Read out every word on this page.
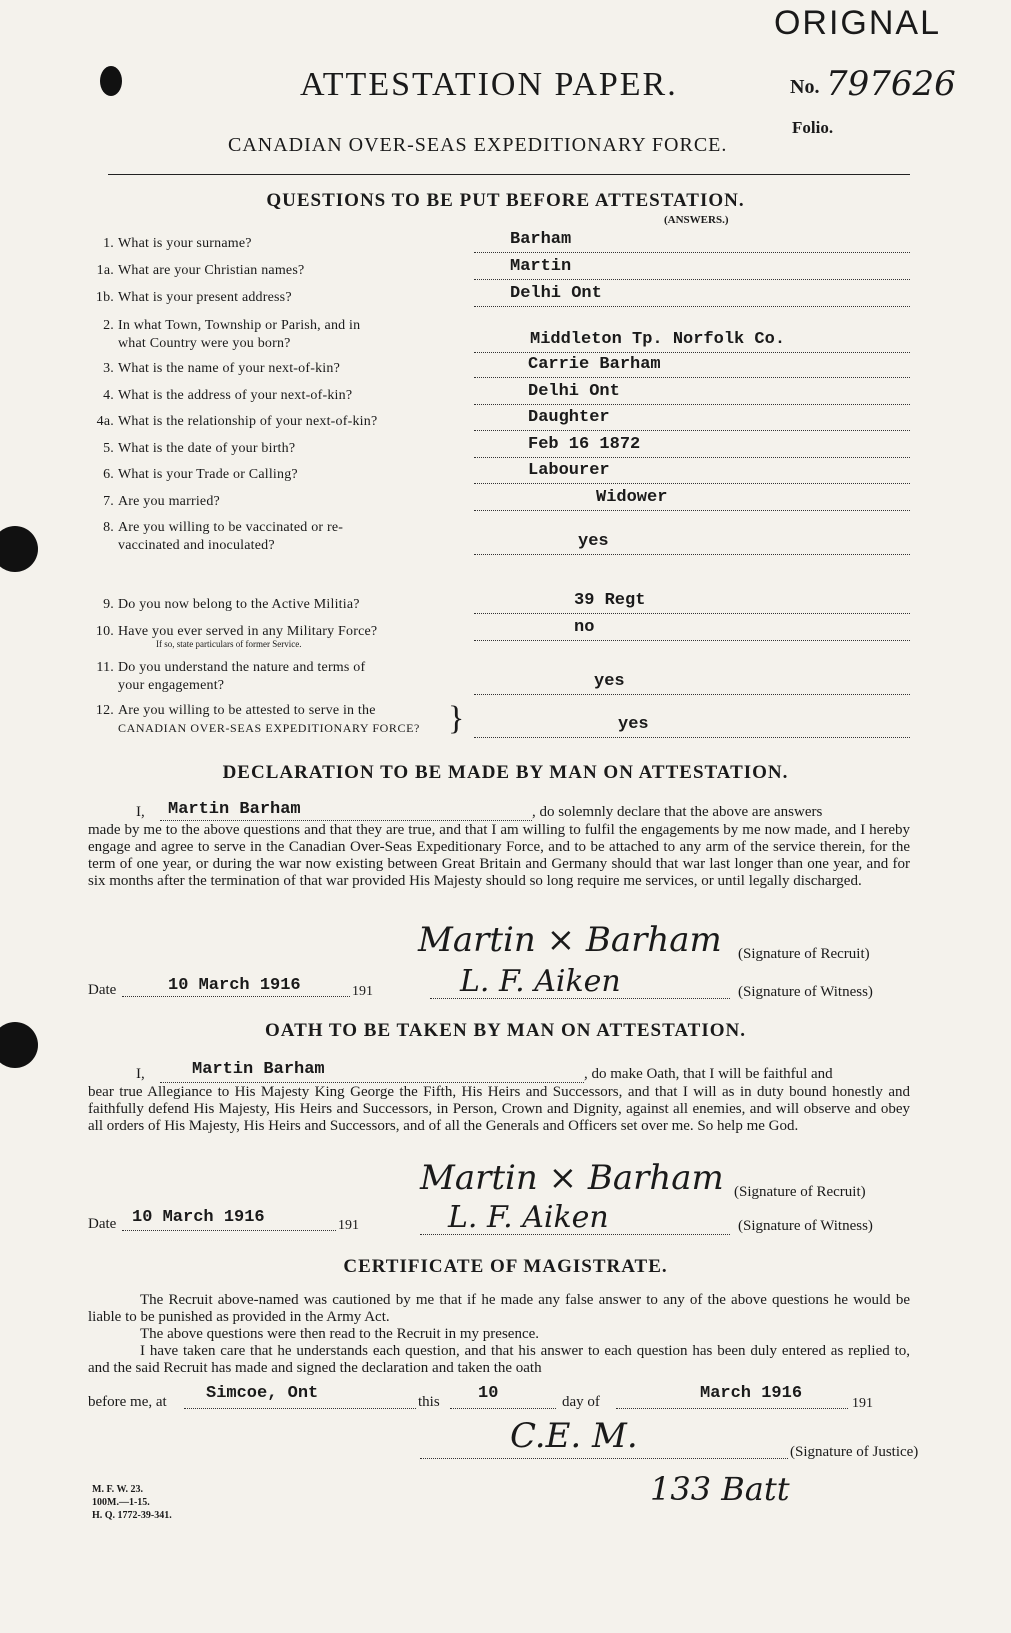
ORIGNAL
ATTESTATION PAPER.	No. 797626
CANADIAN OVER-SEAS EXPEDITIONARY FORCE.
Folio.
QUESTIONS TO BE PUT BEFORE ATTESTATION.
(ANSWERS.)
1. What is your surname?	Barham
1a. What are your Christian names?	Martin
1b. What is your present address?	Delhi Ont
2. In what Town, Township or Parish, and in
what Country were you born?	Middleton Tp. Norfolk Co.
3. What is the name of your next-of-kin?	Carrie Barham
4. What is the address of your next-of-kin?	Delhi Ont
4a. What is the relationship of your next-of-kin?	Daughter
5. What is the date of your birth?	Feb 16 1872
6. What is your Trade or Calling?	Labourer
7. Are you married?	Widower
8. Are you willing to be vaccinated or re-
vaccinated and inoculated?	yes
9. Do you now belong to the Active Militia?	39 Regt
10. Have you ever served in any Military Force?
If so, state particulars of former Service.
no
11. Do you understand the nature and terms of
your engagement?	yes
12. Are you willing to be attested to serve in the
CANADIAN OVER-SEAS EXPEDITIONARY FORCE?	yes
}
DECLARATION TO BE MADE BY MAN ON ATTESTATION.
I, Martin Barham	, do solemnly declare that the above are answers
made by me to the above questions and that they are true, and that I am willing to fulfil the engagements by me now made, and I hereby engage and agree to serve in the Canadian Over-Seas Expeditionary Force, and to be attached to any arm of the service therein, for the term of one year, or during the war now existing between Great Britain and Germany should that war last longer than one year, and for six months after the termination of that war provided His Majesty should so long require me services, or until legally discharged.
Martin × Barham (Signature of Recruit)
Date	10 March 1916	191	L. F. Aiken	(Signature of Witness)
OATH TO BE TAKEN BY MAN ON ATTESTATION.
I,	Martin Barham	, do make Oath, that I will be faithful and
bear true Allegiance to His Majesty King George the Fifth, His Heirs and Successors, and that I will as in duty bound honestly and faithfully defend His Majesty, His Heirs and Successors, in Person, Crown and Dignity, against all enemies, and will observe and obey all orders of His Majesty, His Heirs and Successors, and of all the Generals and Officers set over me. So help me God.
Martin × Barham (Signature of Recruit)
Date 10 March 1916	191	L. F. Aiken	(Signature of Witness)
CERTIFICATE OF MAGISTRATE.
The Recruit above-named was cautioned by me that if he made any false answer to any of the above questions he would be liable to be punished as provided in the Army Act.
The above questions were then read to the Recruit in my presence.
I have taken care that he understands each question, and that his answer to each question has been duly entered as replied to, and the said Recruit has made and signed the declaration and taken the oath
before me, at Simcoe, Ont	this 10	day of	March 1916
191
C.E. M.	(Signature of Justice)
133 Batt
M. F. W. 23.
100M.—1-15.
H. Q. 1772-39-341.
